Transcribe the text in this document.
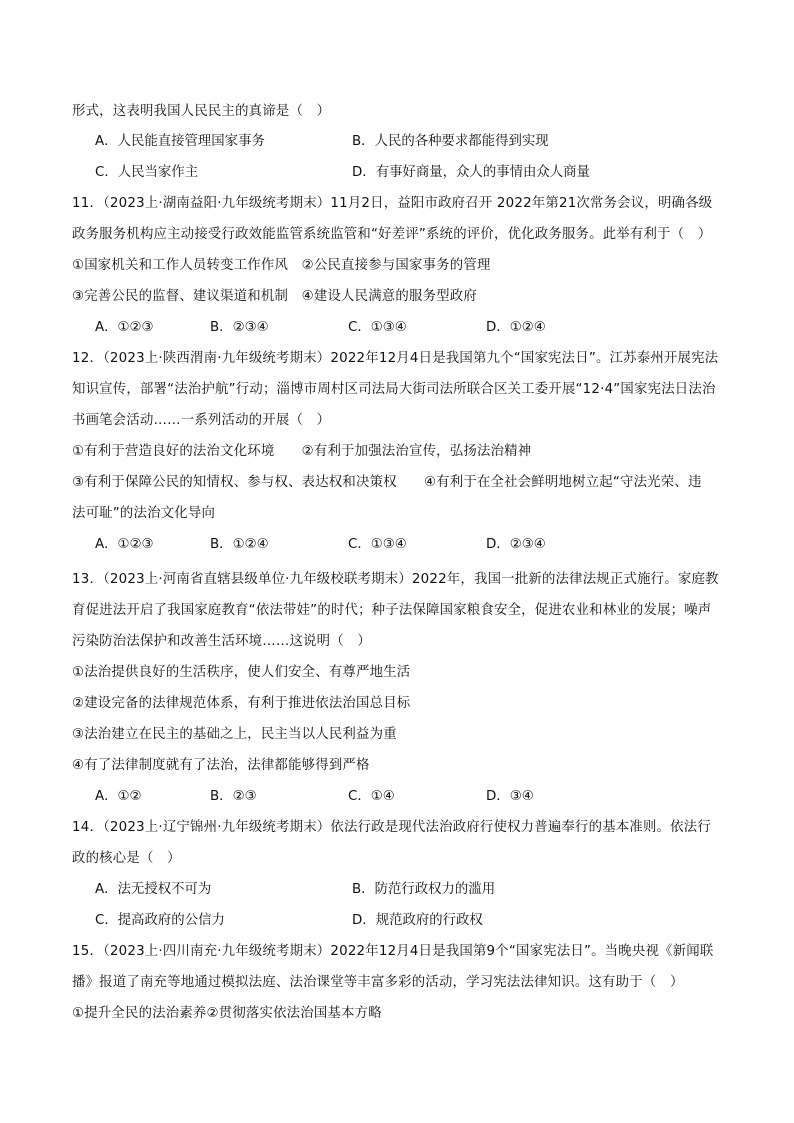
形式，这表明我国人民民主的真谛是（　）
A．人民能直接管理国家事务	B．人民的各种要求都能得到实现
C．人民当家作主	D．有事好商量，众人的事情由众人商量
11．（2023上·湖南益阳·九年级统考期末）11月2日，益阳市政府召开 2022年第21次常务会议，明确各级
政务服务机构应主动接受行政效能监管系统监管和“好差评”系统的评价，优化政务服务。此举有利于（　）
①国家机关和工作人员转变工作作风　②公民直接参与国家事务的管理
③完善公民的监督、建议渠道和机制　④建设人民满意的服务型政府
A．①②③	B．②③④	C．①③④	D．①②④
12．（2023上·陕西渭南·九年级统考期末）2022年12月4日是我国第九个“国家宪法日”。江苏泰州开展宪法
知识宣传，部署“法治护航”行动；淄博市周村区司法局大街司法所联合区关工委开展“12·4”国家宪法日法治
书画笔会活动……一系列活动的开展（　）
①有利于营造良好的法治文化环境　　②有利于加强法治宣传，弘扬法治精神
③有利于保障公民的知情权、参与权、表达权和决策权　　④有利于在全社会鲜明地树立起“守法光荣、违
法可耻”的法治文化导向
A．①②③	B．①②④	C．①③④	D．②③④
13．（2023上·河南省直辖县级单位·九年级校联考期末）2022年，我国一批新的法律法规正式施行。家庭教
育促进法开启了我国家庭教育“依法带娃”的时代；种子法保障国家粮食安全，促进农业和林业的发展；噪声
污染防治法保护和改善生活环境……这说明（　）
①法治提供良好的生活秩序，使人们安全、有尊严地生活
②建设完备的法律规范体系，有利于推进依法治国总目标
③法治建立在民主的基础之上，民主当以人民利益为重
④有了法律制度就有了法治，法律都能够得到严格
A．①②	B．②③	C．①④	D．③④
14．（2023上·辽宁锦州·九年级统考期末）依法行政是现代法治政府行使权力普遍奉行的基本准则。依法行
政的核心是（　）
A．法无授权不可为	B．防范行政权力的滥用
C．提高政府的公信力	D．规范政府的行政权
15．（2023上·四川南充·九年级统考期末）2022年12月4日是我国第9个“国家宪法日”。当晚央视《新闻联
播》报道了南充等地通过模拟法庭、法治课堂等丰富多彩的活动，学习宪法法律知识。这有助于（　）
①提升全民的法治素养②贯彻落实依法治国基本方略
